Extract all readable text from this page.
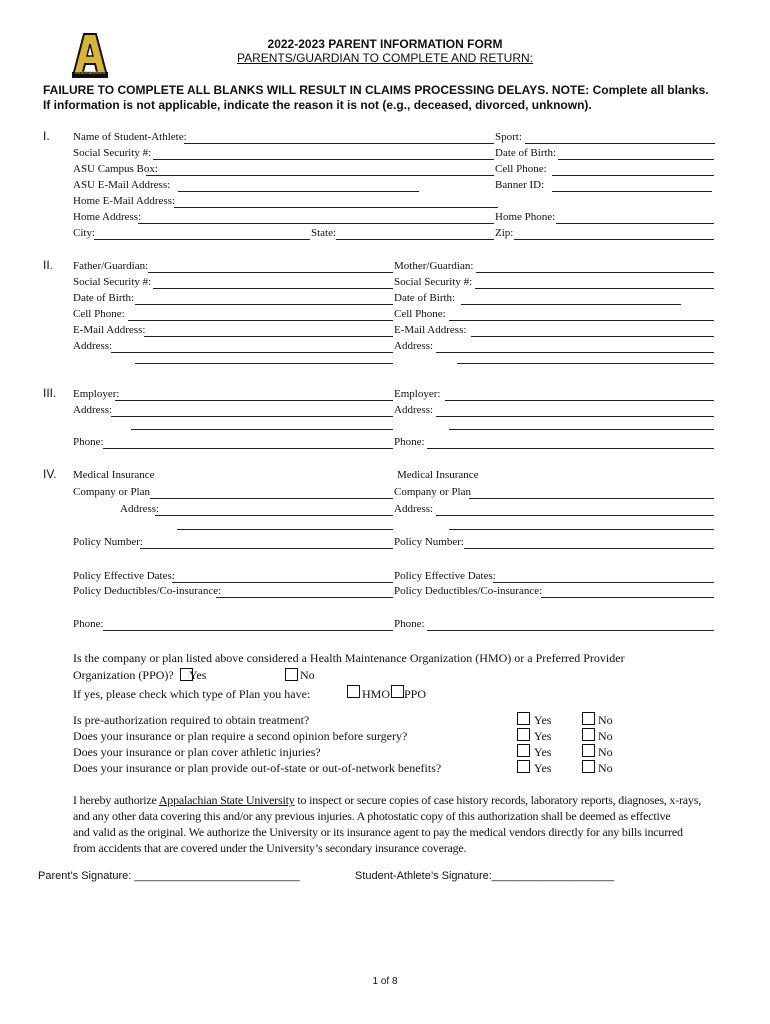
Mountaineers
2022-2023 PARENT INFORMATION FORM
PARENTS/GUARDIAN TO COMPLETE AND RETURN:
FAILURE TO COMPLETE ALL BLANKS WILL RESULT IN CLAIMS PROCESSING DELAYS. NOTE: Complete all blanks.
If information is not applicable, indicate the reason it is not (e.g., deceased, divorced, unknown).
I. Name of Student-Athlete:	Sport:
Social Security #:	Date of Birth:
ASU Campus Box:	Cell Phone:
ASU E-Mail Address:	Banner ID:
Home E-Mail Address:
Home Address:	Home Phone:
City:	State:	Zip:
II. Father/Guardian:	Mother/Guardian:
Social Security #:	Social Security #:
Date of Birth:	Date of Birth:
Cell Phone:	Cell Phone:
E-Mail Address:	E-Mail Address:
Address:	Address:
III. Employer:	Employer:
Address:	Address:
Phone:	Phone:
IV. Medical Insurance	Medical Insurance
Company or Plan	Company or Plan
Address:	Address:
Policy Number:	Policy Number:
Policy Effective Dates:	Policy Effective Dates:
Policy Deductibles/Co-insurance:	Policy Deductibles/Co-insurance:
Phone:	Phone:
Is the company or plan listed above considered a Health Maintenance Organization (HMO) or a Preferred Provider
Organization (PPO)? Yes	No
If yes, please check which type of Plan you have:	HMO PPO
Is pre-authorization required to obtain treatment?	Yes	No
Does your insurance or plan require a second opinion before surgery?	Yes	No
Does your insurance or plan cover athletic injuries?	Yes	No
Does your insurance or plan provide out-of-state or out-of-network benefits?	Yes	No
I hereby authorize Appalachian State University to inspect or secure copies of case history records, laboratory reports, diagnoses, x-rays,
and any other data covering this and/or any previous injuries. A photostatic copy of this authorization shall be deemed as effective
and valid as the original. We authorize the University or its insurance agent to pay the medical vendors directly for any bills incurred
from accidents that are covered under the University’s secondary insurance coverage.
Parent’s Signature: ___________________________	Student-Athlete’s Signature:____________________
1 of 8
